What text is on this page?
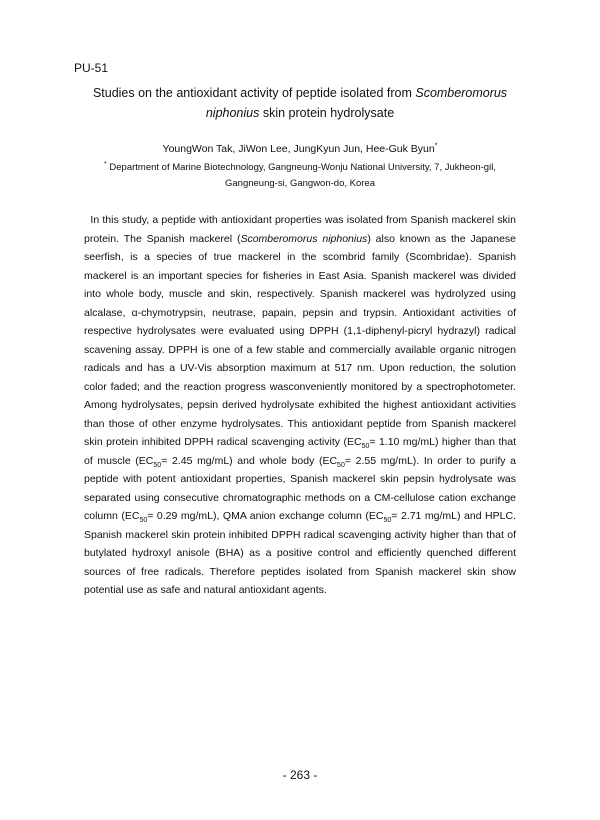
PU-51
Studies on the antioxidant activity of peptide isolated from Scomberomorus
niphonius skin protein hydrolysate
YoungWon Tak, JiWon Lee, JungKyun Jun, Hee-Guk Byun*
* Department of Marine Biotechnology, Gangneung-Wonju National University, 7, Jukheon-gil,
Gangneung-si, Gangwon-do, Korea
In this study, a peptide with antioxidant properties was isolated from Spanish mackerel skin protein. The Spanish mackerel (Scomberomorus niphonius) also known as the Japanese seerfish, is a species of true mackerel in the scombrid family (Scombridae). Spanish mackerel is an important species for fisheries in East Asia. Spanish mackerel was divided into whole body, muscle and skin, respectively. Spanish mackerel was hydrolyzed using alcalase, α-chymotrypsin, neutrase, papain, pepsin and trypsin. Antioxidant activities of respective hydrolysates were evaluated using DPPH (1,1-diphenyl-picryl hydrazyl) radical scavening assay. DPPH is one of a few stable and commercially available organic nitrogen radicals and has a UV-Vis absorption maximum at 517 nm. Upon reduction, the solution color faded; and the reaction progress wasconveniently monitored by a spectrophotometer. Among hydrolysates, pepsin derived hydrolysate exhibited the highest antioxidant activities than those of other enzyme hydrolysates. This antioxidant peptide from Spanish mackerel skin protein inhibited DPPH radical scavenging activity ($EC_{50}= 1.10$ mg/mL) higher than that of muscle ($EC_{50}= 2.45$ mg/mL) and whole body ($EC_{50}= 2.55$ mg/mL). In order to purify a peptide with potent antioxidant properties, Spanish mackerel skin pepsin hydrolysate was separated using consecutive chromatographic methods on a CM-cellulose cation exchange column ($EC_{50}= 0.29$ mg/mL), QMA anion exchange column ($EC_{50}= 2.71$ mg/mL) and HPLC. Spanish mackerel skin protein inhibited DPPH radical scavenging activity higher than that of butylated hydroxyl anisole (BHA) as a positive control and efficiently quenched different sources of free radicals. Therefore peptides isolated from Spanish mackerel skin show potential use as safe and natural antioxidant agents.
- 263 -
